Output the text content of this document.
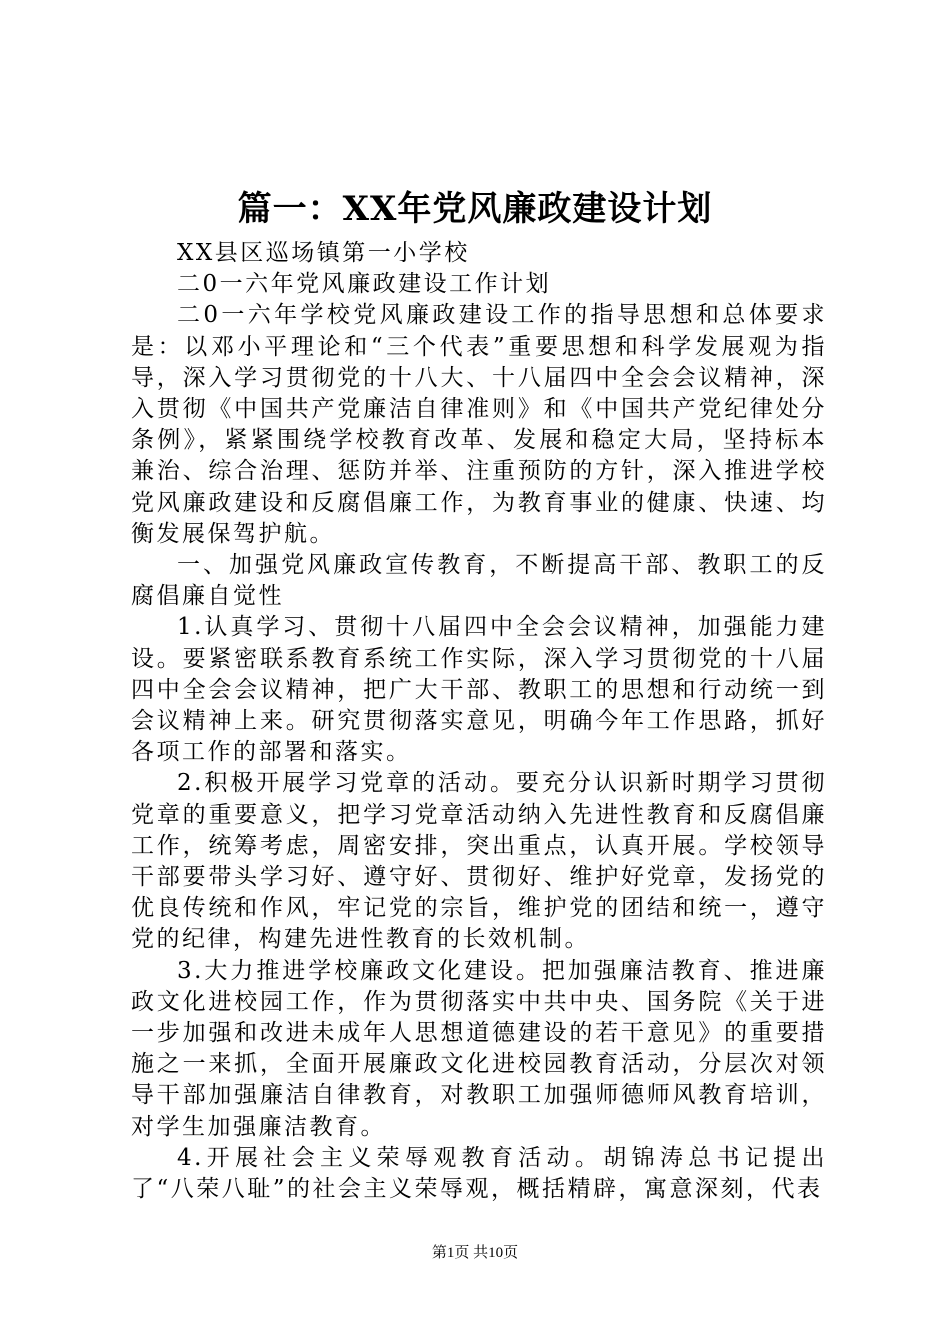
篇一：XX年党风廉政建设计划

XX县区巡场镇第一小学校

二0一六年党风廉政建设工作计划

二0一六年学校党风廉政建设工作的指导思想和总体要求是：以邓小平理论和“三个代表”重要思想和科学发展观为指导，深入学习贯彻党的十八大、十八届四中全会会议精神，深入贯彻《中国共产党廉洁自律准则》和《中国共产党纪律处分条例》，紧紧围绕学校教育改革、发展和稳定大局，坚持标本兼治、综合治理、惩防并举、注重预防的方针，深入推进学校党风廉政建设和反腐倡廉工作，为教育事业的健康、快速、均衡发展保驾护航。

一、加强党风廉政宣传教育，不断提高干部、教职工的反腐倡廉自觉性

1.认真学习、贯彻十八届四中全会会议精神，加强能力建设。要紧密联系教育系统工作实际，深入学习贯彻党的十八届四中全会会议精神，把广大干部、教职工的思想和行动统一到会议精神上来。研究贯彻落实意见，明确今年工作思路，抓好各项工作的部署和落实。

2.积极开展学习党章的活动。要充分认识新时期学习贯彻党章的重要意义，把学习党章活动纳入先进性教育和反腐倡廉工作，统筹考虑，周密安排，突出重点，认真开展。学校领导干部要带头学习好、遵守好、贯彻好、维护好党章，发扬党的优良传统和作风，牢记党的宗旨，维护党的团结和统一，遵守党的纪律，构建先进性教育的长效机制。

3.大力推进学校廉政文化建设。把加强廉洁教育、推进廉政文化进校园工作，作为贯彻落实中共中央、国务院《关于进一步加强和改进未成年人思想道德建设的若干意见》的重要措施之一来抓，全面开展廉政文化进校园教育活动，分层次对领导干部加强廉洁自律教育，对教职工加强师德师风教育培训，对学生加强廉洁教育。

4.开展社会主义荣辱观教育活动。胡锦涛总书记提出了“八荣八耻”的社会主义荣辱观，概括精辟，寓意深刻，代表

第1页 共10页
